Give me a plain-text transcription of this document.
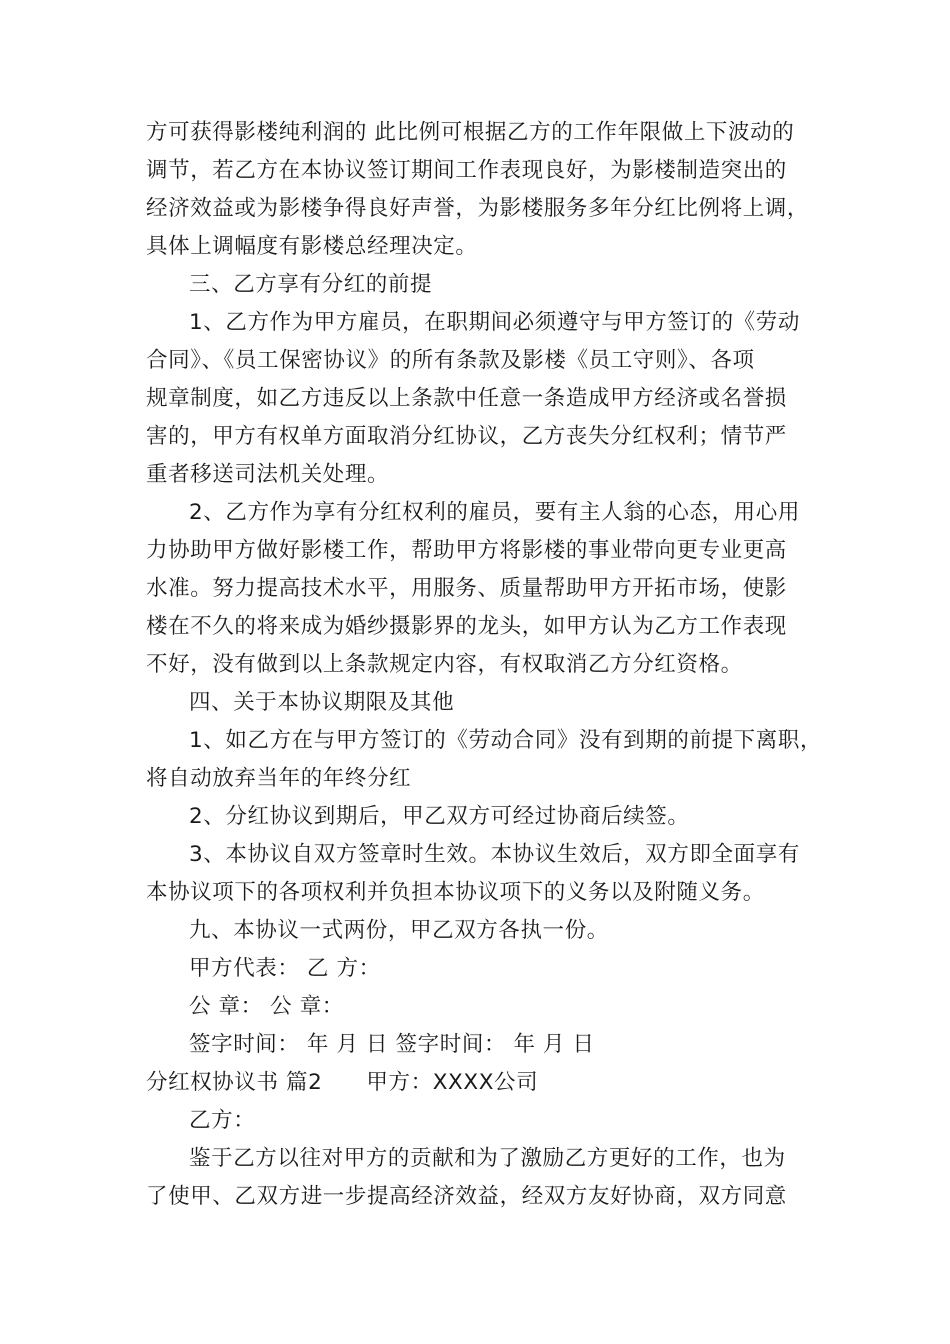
方可获得影楼纯利润的 此比例可根据乙方的工作年限做上下波动的
调节，若乙方在本协议签订期间工作表现良好，为影楼制造突出的
经济效益或为影楼争得良好声誉，为影楼服务多年分红比例将上调，
具体上调幅度有影楼总经理决定。
三、乙方享有分红的前提
1、乙方作为甲方雇员，在职期间必须遵守与甲方签订的《劳动
合同》、《员工保密协议》的所有条款及影楼《员工守则》、各项
规章制度，如乙方违反以上条款中任意一条造成甲方经济或名誉损
害的，甲方有权单方面取消分红协议，乙方丧失分红权利；情节严
重者移送司法机关处理。
2、乙方作为享有分红权利的雇员，要有主人翁的心态，用心用
力协助甲方做好影楼工作，帮助甲方将影楼的事业带向更专业更高
水准。努力提高技术水平，用服务、质量帮助甲方开拓市场，使影
楼在不久的将来成为婚纱摄影界的龙头，如甲方认为乙方工作表现
不好，没有做到以上条款规定内容，有权取消乙方分红资格。
四、关于本协议期限及其他
1、如乙方在与甲方签订的《劳动合同》没有到期的前提下离职，
将自动放弃当年的年终分红
2、分红协议到期后，甲乙双方可经过协商后续签。
3、本协议自双方签章时生效。本协议生效后，双方即全面享有
本协议项下的各项权利并负担本协议项下的义务以及附随义务。
九、本协议一式两份，甲乙双方各执一份。
甲方代表： 乙 方：
公 章： 公 章：
签字时间： 年 月 日 签字时间： 年 月 日
分红权协议书 篇2 甲方：XXXX公司
乙方：
鉴于乙方以往对甲方的贡献和为了激励乙方更好的工作，也为
了使甲、乙双方进一步提高经济效益，经双方友好协商，双方同意
